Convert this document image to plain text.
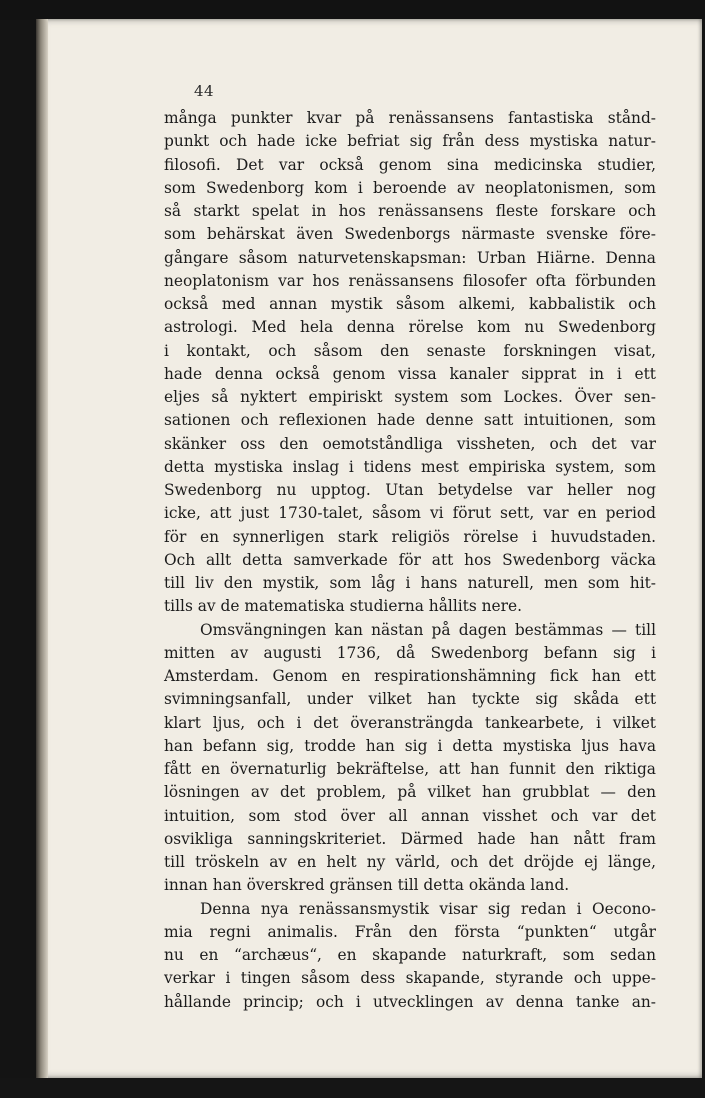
44
många punkter kvar på renässansens fantastiska stånd-
punkt och hade icke befriat sig från dess mystiska natur-
filosofi. Det var också genom sina medicinska studier,
som Swedenborg kom i beroende av neoplatonismen, som
så starkt spelat in hos renässansens fleste forskare och
som behärskat även Swedenborgs närmaste svenske före-
gångare såsom naturvetenskapsman: Urban Hiärne. Denna
neoplatonism var hos renässansens filosofer ofta förbunden
också med annan mystik såsom alkemi, kabbalistik och
astrologi. Med hela denna rörelse kom nu Swedenborg
i kontakt, och såsom den senaste forskningen visat,
hade denna också genom vissa kanaler sipprat in i ett
eljes så nyktert empiriskt system som Lockes. Över sen-
sationen och reflexionen hade denne satt intuitionen, som
skänker oss den oemotståndliga vissheten, och det var
detta mystiska inslag i tidens mest empiriska system, som
Swedenborg nu upptog. Utan betydelse var heller nog
icke, att just 1730-talet, såsom vi förut sett, var en period
för en synnerligen stark religiös rörelse i huvudstaden.
Och allt detta samverkade för att hos Swedenborg väcka
till liv den mystik, som låg i hans naturell, men som hit-
tills av de matematiska studierna hållits nere.
Omsvängningen kan nästan på dagen bestämmas — till
mitten av augusti 1736, då Swedenborg befann sig i
Amsterdam. Genom en respirationshämning fick han ett
svimningsanfall, under vilket han tyckte sig skåda ett
klart ljus, och i det överansträngda tankearbete, i vilket
han befann sig, trodde han sig i detta mystiska ljus hava
fått en övernaturlig bekräftelse, att han funnit den riktiga
lösningen av det problem, på vilket han grubblat — den
intuition, som stod över all annan visshet och var det
osvikliga sanningskriteriet. Därmed hade han nått fram
till tröskeln av en helt ny värld, och det dröjde ej länge,
innan han överskred gränsen till detta okända land.
Denna nya renässansmystik visar sig redan i Oecono-
mia regni animalis. Från den första “punkten“ utgår
nu en “archæus“, en skapande naturkraft, som sedan
verkar i tingen såsom dess skapande, styrande och uppe-
hållande princip; och i utvecklingen av denna tanke an-
